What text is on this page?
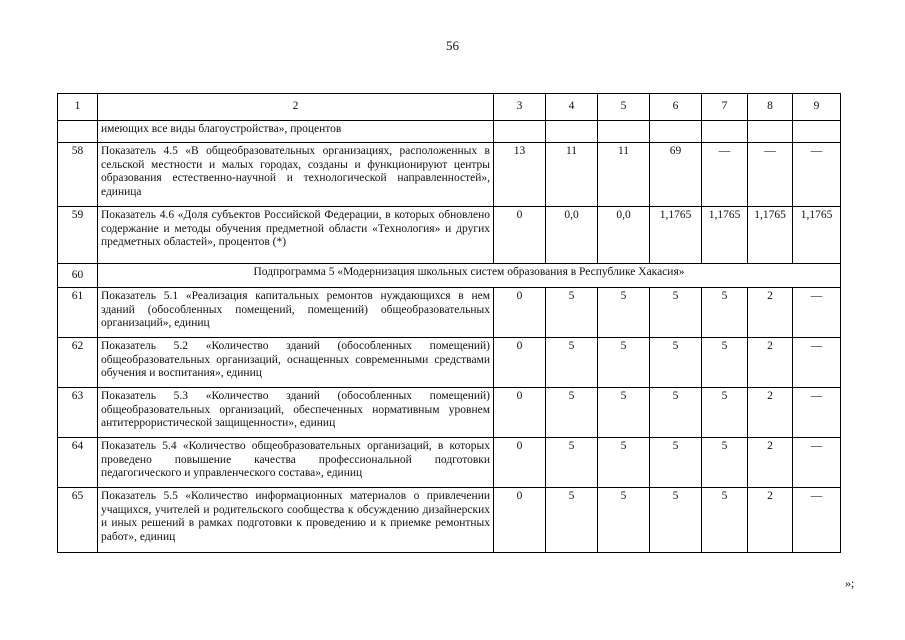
56
1	2	3	4	5	6	7	8	9
	имеющих все виды благоустройства», процентов							
58	Показатель 4.5 «В общеобразовательных организациях, расположенных в сельской местности и малых городах, созданы и функционируют центры образования естественно-научной и технологической направленностей», единица	13	11	11	69	—	—	—
59	Показатель 4.6 «Доля субъектов Российской Федерации, в которых обновлено содержание и методы обучения предметной области «Технология» и других предметных областей», процентов (*)	0	0,0	0,0	1,1765	1,1765	1,1765	1,1765
60	Подпрограмма 5 «Модернизация школьных систем образования в Республике Хакасия»							
61	Показатель 5.1 «Реализация капитальных ремонтов нуждающихся в нем зданий (обособленных помещений, помещений) общеобразовательных организаций», единиц	0	5	5	5	5	2	—
62	Показатель 5.2 «Количество зданий (обособленных помещений) общеобразовательных организаций, оснащенных современными средствами обучения и воспитания», единиц	0	5	5	5	5	2	—
63	Показатель 5.3 «Количество зданий (обособленных помещений) общеобразовательных организаций, обеспеченных нормативным уровнем антитеррористической защищенности», единиц	0	5	5	5	5	2	—
64	Показатель 5.4 «Количество общеобразовательных организаций, в которых проведено повышение качества профессиональной подготовки педагогического и управленческого состава», единиц	0	5	5	5	5	2	—
65	Показатель 5.5 «Количество информационных материалов о привлечении учащихся, учителей и родительского сообщества к обсуждению дизайнерских и иных решений в рамках подготовки к проведению и к приемке ремонтных работ», единиц	0	5	5	5	5	2	—
»;
